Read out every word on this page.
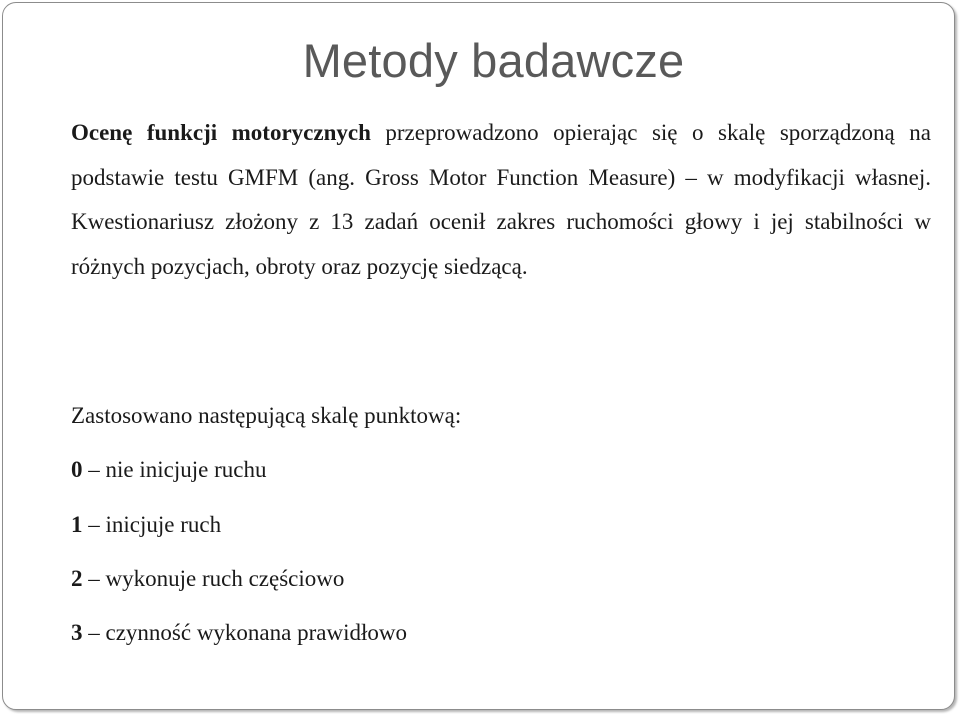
Metody badawcze

Ocenę funkcji motorycznych przeprowadzono opierając się o skalę sporządzoną na podstawie testu GMFM (ang. Gross Motor Function Measure) – w modyfikacji własnej. Kwestionariusz złożony z 13 zadań ocenił zakres ruchomości głowy i jej stabilności w różnych pozycjach, obroty oraz pozycję siedzącą.

Zastosowano następującą skalę punktową:

0 – nie inicjuje ruchu

1 – inicjuje ruch

2 – wykonuje ruch częściowo

3 – czynność wykonana prawidłowo
